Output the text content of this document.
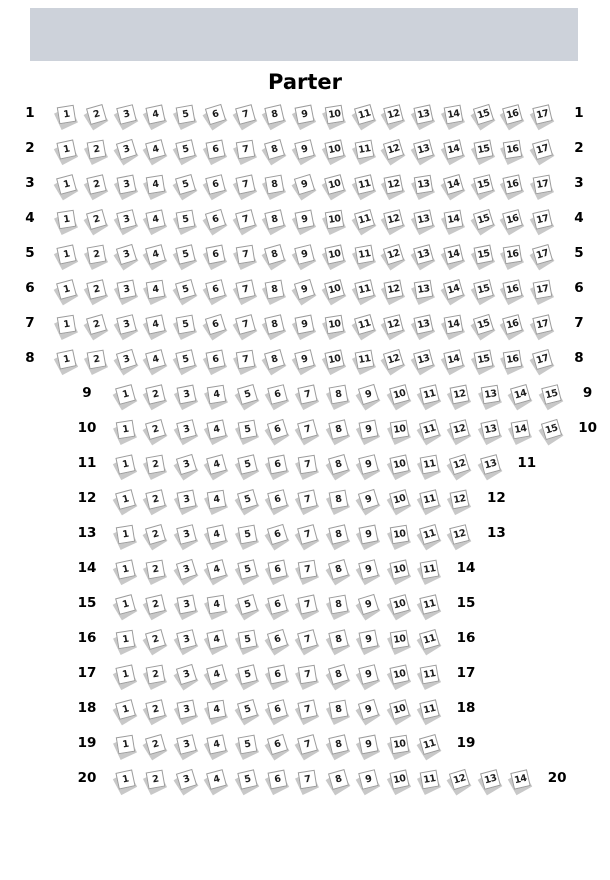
Parter
1	1	2	3	4	5	6	7	8	9	10	11	12	13	14	15	16	17 1
2	1	2	3	4	5	6	7	8	9	10	11	12	13	14	15	16	17 2
3	1	2	3	4	5	6	7	8	9	10	11	12	13	14	15	16	17 3
4	1	2	3	4	5	6	7	8	9	10	11	12	13	14	15	16	17 4
5	1	2	3	4	5	6	7	8	9	10	11	12	13	14	15	16	17 5
6	1	2	3	4	5	6	7	8	9	10	11	12	13	14	15	16	17 6
7	1	2	3	4	5	6	7	8	9	10	11	12	13	14	15	16	17 7
8	1	2	3	4	5	6	7	8	9	10	11	12	13	14	15	16	17 8
9	1	2	3	4	5	6	7	8	9	10	11	12	13	14	15 9
10	1	2	3	4	5	6	7	8	9	10	11	12	13	14	15 10
11	1	2	3	4	5	6	7	8	9	10	11	12	13 11
12	1	2	3	4	5	6	7	8	9	10	11	12 12
13	1	2	3	4	5	6	7	8	9	10	11	12 13
14	1	2	3	4	5	6	7	8	9	10	11 14
15	1	2	3	4	5	6	7	8	9	10	11 15
16	1	2	3	4	5	6	7	8	9	10	11 16
17	1	2	3	4	5	6	7	8	9	10	11 17
18	1	2	3	4	5	6	7	8	9	10	11 18
19	1	2	3	4	5	6	7	8	9	10	11 19
20	1	2	3	4	5	6	7	8	9	10	11	12	13	14 20
